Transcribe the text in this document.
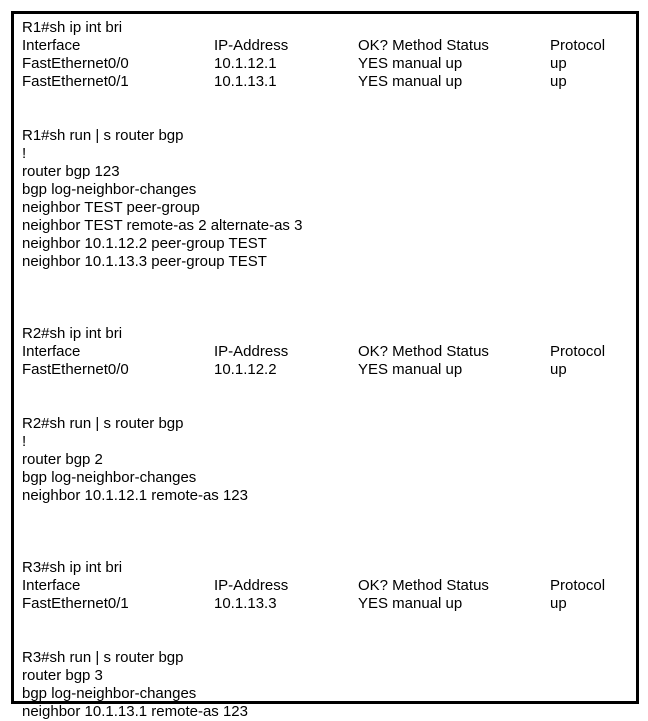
R1#sh ip int bri
Interface	IP-Address	OK? Method Status	Protocol
FastEthernet0/0	10.1.12.1	YES manual up	up
FastEthernet0/1	10.1.13.1	YES manual up	up
R1#sh run | s router bgp
!
router bgp 123
bgp log-neighbor-changes
neighbor TEST peer-group
neighbor TEST remote-as 2 alternate-as 3
neighbor 10.1.12.2 peer-group TEST
neighbor 10.1.13.3 peer-group TEST
R2#sh ip int bri
Interface	IP-Address	OK? Method Status	Protocol
FastEthernet0/0	10.1.12.2	YES manual up	up
R2#sh run | s router bgp
!
router bgp 2
bgp log-neighbor-changes
neighbor 10.1.12.1 remote-as 123
R3#sh ip int bri
Interface	IP-Address	OK? Method Status	Protocol
FastEthernet0/1	10.1.13.3	YES manual up	up
R3#sh run | s router bgp
router bgp 3
bgp log-neighbor-changes
neighbor 10.1.13.1 remote-as 123
